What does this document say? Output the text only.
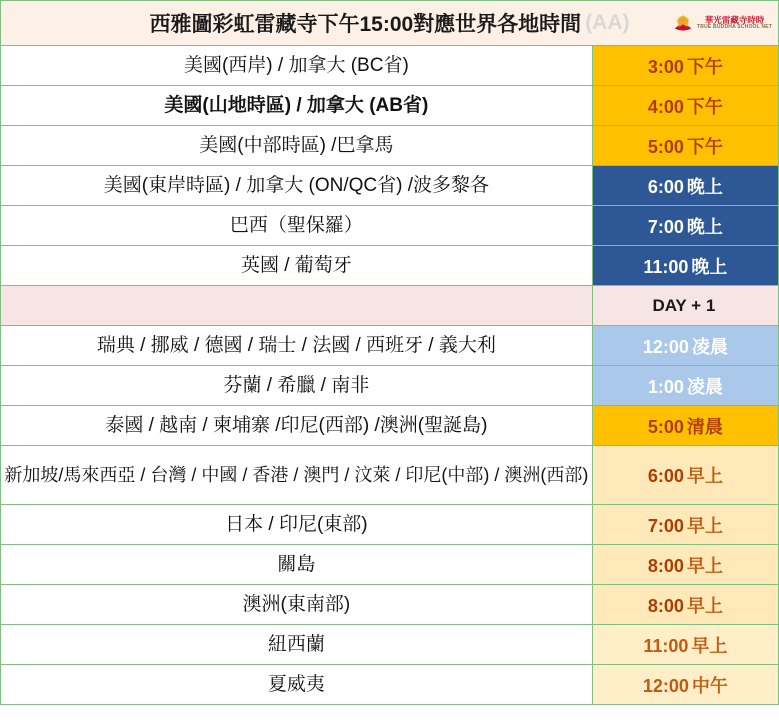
西雅圖彩虹雷藏寺下午15:00對應世界各地時間 (AA) 華光雷藏寺時時
TRUE BUDDHA SCHOOL NET	

美國(西岸) / 加拿大 (BC省)	3:00 下午
美國(山地時區) / 加拿大 (AB省)	4:00 下午
美國(中部時區) /巴拿馬	5:00 下午
美國(東岸時區) / 加拿大 (ON/QC省) /波多黎各	6:00 晚上
巴西（聖保羅）	7:00 晚上
英國 / 葡萄牙	11:00 晚上
	DAY + 1
瑞典 / 挪威 / 德國 / 瑞士 / 法國 / 西班牙 / 義大利	12:00 凌晨
芬蘭 / 希臘 / 南非	1:00 凌晨
泰國 / 越南 / 柬埔寨 /印尼(西部) /澳洲(聖誕島)	5:00 清晨
新加坡/馬來西亞 / 台灣 / 中國 / 香港 / 澳門 / 汶萊 / 印尼(中部) / 澳洲(西部)	6:00 早上
日本 / 印尼(東部)	7:00 早上
關島	8:00 早上
澳洲(東南部)	8:00 早上
紐西蘭	11:00 早上
夏威夷	12:00 中午
